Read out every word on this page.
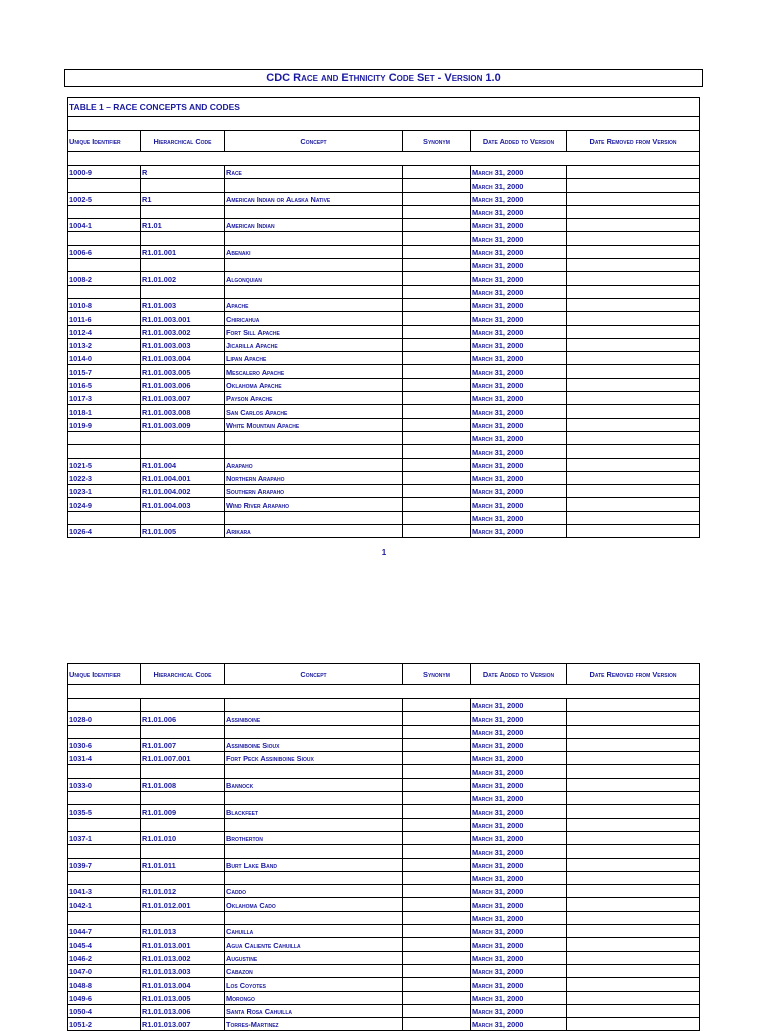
CDC Race and Ethnicity Code Set - Version 1.0
TABLE 1 – RACE CONCEPTS AND CODES					

Unique Identifier	Hierarchical Code	Concept	Synonym	Date Added to Version	Date Removed from Version

1000-9	R	Race		March 31, 2000	
				March 31, 2000	
1002-5	R1	American Indian or Alaska Native		March 31, 2000	
				March 31, 2000	
1004-1	R1.01	American Indian		March 31, 2000	
				March 31, 2000	
1006-6	R1.01.001	Abenaki		March 31, 2000	
				March 31, 2000	
1008-2	R1.01.002	Algonquian		March 31, 2000	
				March 31, 2000	
1010-8	R1.01.003	Apache		March 31, 2000	
1011-6	R1.01.003.001	Chiricahua		March 31, 2000	
1012-4	R1.01.003.002	Fort Sill Apache		March 31, 2000	
1013-2	R1.01.003.003	Jicarilla Apache		March 31, 2000	
1014-0	R1.01.003.004	Lipan Apache		March 31, 2000	
1015-7	R1.01.003.005	Mescalero Apache		March 31, 2000	
1016-5	R1.01.003.006	Oklahoma Apache		March 31, 2000	
1017-3	R1.01.003.007	Payson Apache		March 31, 2000	
1018-1	R1.01.003.008	San Carlos Apache		March 31, 2000	
1019-9	R1.01.003.009	White Mountain Apache		March 31, 2000	
				March 31, 2000	
				March 31, 2000	
1021-5	R1.01.004	Arapaho		March 31, 2000	
1022-3	R1.01.004.001	Northern Arapaho		March 31, 2000	
1023-1	R1.01.004.002	Southern Arapaho		March 31, 2000	
1024-9	R1.01.004.003	Wind River Arapaho		March 31, 2000	
				March 31, 2000	
1026-4	R1.01.005	Arikara		March 31, 2000	
1
Unique Identifier	Hierarchical Code	Concept	Synonym	Date Added to Version	Date Removed from Version

				March 31, 2000	
1028-0	R1.01.006	Assiniboine		March 31, 2000	
				March 31, 2000	
1030-6	R1.01.007	Assiniboine Sioux		March 31, 2000	
1031-4	R1.01.007.001	Fort Peck Assiniboine Sioux		March 31, 2000	
				March 31, 2000	
1033-0	R1.01.008	Bannock		March 31, 2000	
				March 31, 2000	
1035-5	R1.01.009	Blackfeet		March 31, 2000	
				March 31, 2000	
1037-1	R1.01.010	Brotherton		March 31, 2000	
				March 31, 2000	
1039-7	R1.01.011	Burt Lake Band		March 31, 2000	
				March 31, 2000	
1041-3	R1.01.012	Caddo		March 31, 2000	
1042-1	R1.01.012.001	Oklahoma Cado		March 31, 2000	
				March 31, 2000	
1044-7	R1.01.013	Cahuilla		March 31, 2000	
1045-4	R1.01.013.001	Agua Caliente Cahuilla		March 31, 2000	
1046-2	R1.01.013.002	Augustine		March 31, 2000	
1047-0	R1.01.013.003	Cabazon		March 31, 2000	
1048-8	R1.01.013.004	Los Coyotes		March 31, 2000	
1049-6	R1.01.013.005	Morongo		March 31, 2000	
1050-4	R1.01.013.006	Santa Rosa Cahuilla		March 31, 2000	
1051-2	R1.01.013.007	Torres-Martinez		March 31, 2000	
